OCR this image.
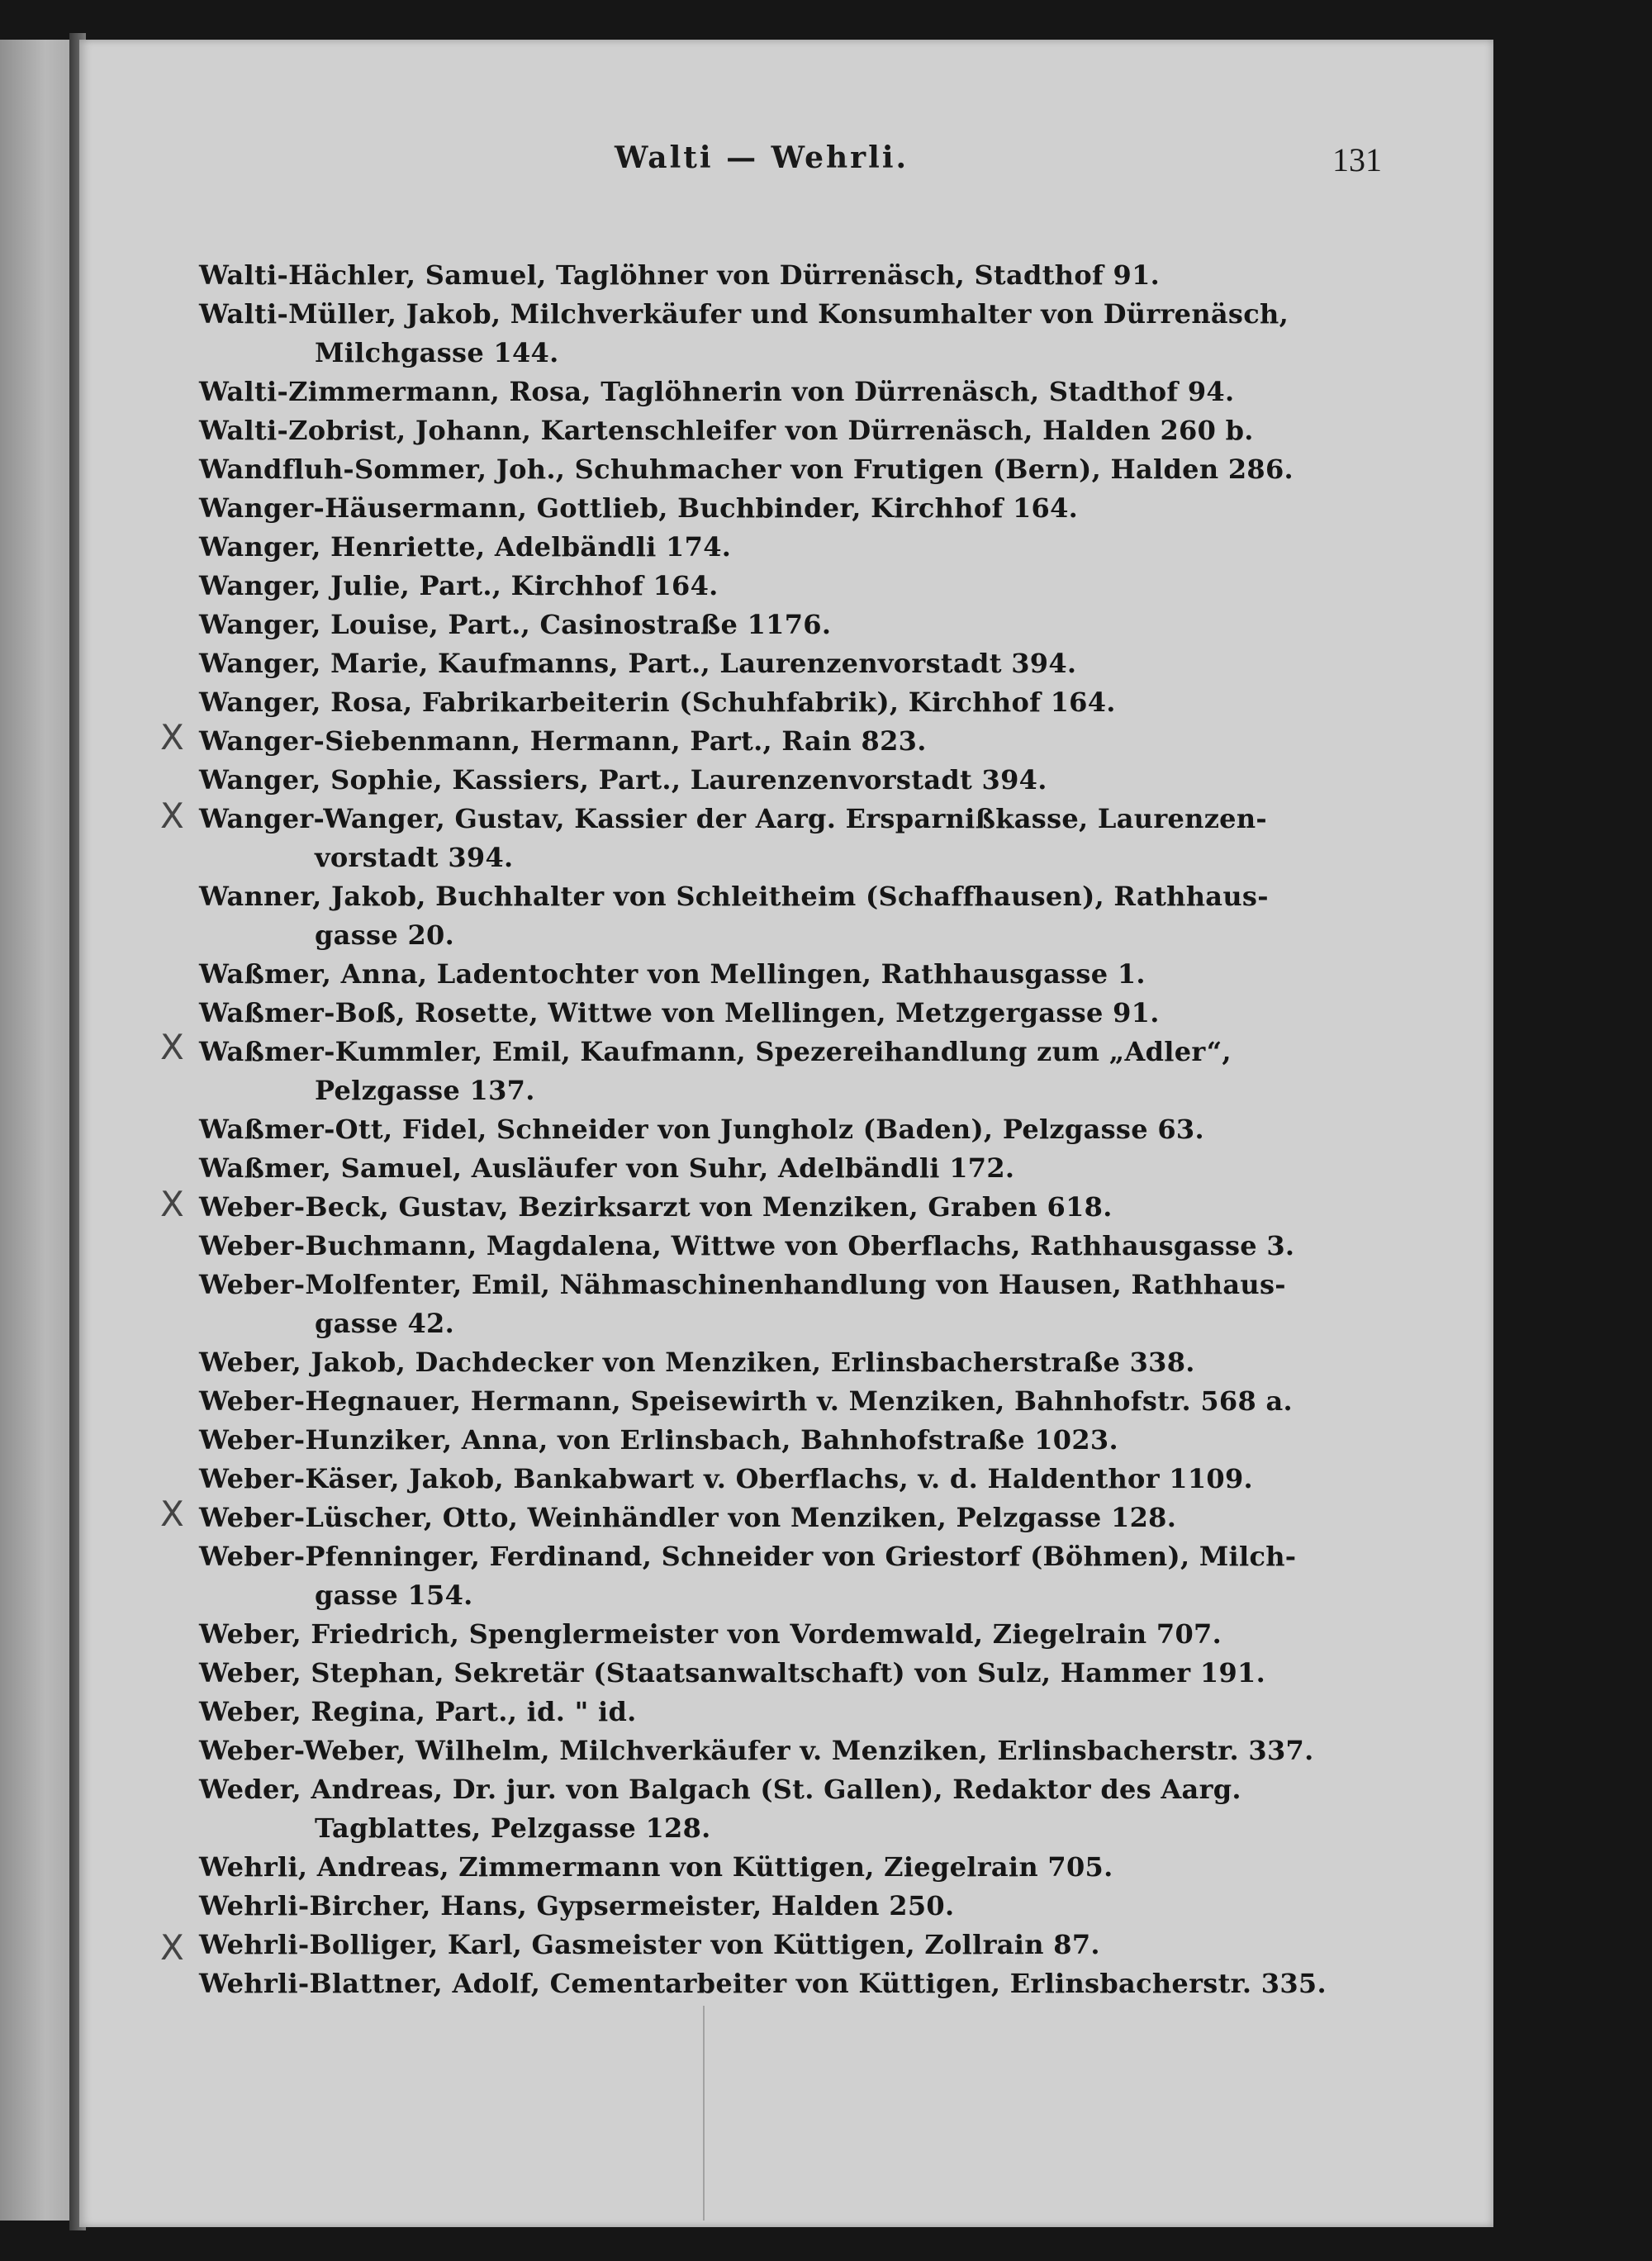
Walti — Wehrli.	131
X
X
X
X
X
X
Walti-Hächler, Samuel, Taglöhner von Dürrenäsch, Stadthof 91.
Walti-Müller, Jakob, Milchverkäufer und Konsumhalter von Dürrenäsch,
Milchgasse 144.
Walti-Zimmermann, Rosa, Taglöhnerin von Dürrenäsch, Stadthof 94.
Walti-Zobrist, Johann, Kartenschleifer von Dürrenäsch, Halden 260 b.
Wandfluh-Sommer, Joh., Schuhmacher von Frutigen (Bern), Halden 286.
Wanger-Häusermann, Gottlieb, Buchbinder, Kirchhof 164.
Wanger, Henriette, Adelbändli 174.
Wanger, Julie, Part., Kirchhof 164.
Wanger, Louise, Part., Casinostraße 1176.
Wanger, Marie, Kaufmanns, Part., Laurenzenvorstadt 394.
Wanger, Rosa, Fabrikarbeiterin (Schuhfabrik), Kirchhof 164.
Wanger-Siebenmann, Hermann, Part., Rain 823.
Wanger, Sophie, Kassiers, Part., Laurenzenvorstadt 394.
Wanger-Wanger, Gustav, Kassier der Aarg. Ersparnißkasse, Laurenzen-
vorstadt 394.
Wanner, Jakob, Buchhalter von Schleitheim (Schaffhausen), Rathhaus-
gasse 20.
Waßmer, Anna, Ladentochter von Mellingen, Rathhausgasse 1.
Waßmer-Boß, Rosette, Wittwe von Mellingen, Metzgergasse 91.
Waßmer-Kummler, Emil, Kaufmann, Spezereihandlung zum „Adler“,
Pelzgasse 137.
Waßmer-Ott, Fidel, Schneider von Jungholz (Baden), Pelzgasse 63.
Waßmer, Samuel, Ausläufer von Suhr, Adelbändli 172.
Weber-Beck, Gustav, Bezirksarzt von Menziken, Graben 618.
Weber-Buchmann, Magdalena, Wittwe von Oberflachs, Rathhausgasse 3.
Weber-Molfenter, Emil, Nähmaschinenhandlung von Hausen, Rathhaus-
gasse 42.
Weber, Jakob, Dachdecker von Menziken, Erlinsbacherstraße 338.
Weber-Hegnauer, Hermann, Speisewirth v. Menziken, Bahnhofstr. 568 a.
Weber-Hunziker, Anna, von Erlinsbach, Bahnhofstraße 1023.
Weber-Käser, Jakob, Bankabwart v. Oberflachs, v. d. Haldenthor 1109.
Weber-Lüscher, Otto, Weinhändler von Menziken, Pelzgasse 128.
Weber-Pfenninger, Ferdinand, Schneider von Griestorf (Böhmen), Milch-
gasse 154.
Weber, Friedrich, Spenglermeister von Vordemwald, Ziegelrain 707.
Weber, Stephan, Sekretär (Staatsanwaltschaft) von Sulz, Hammer 191.
Weber, Regina, Part., id. " id.
Weber-Weber, Wilhelm, Milchverkäufer v. Menziken, Erlinsbacherstr. 337.
Weder, Andreas, Dr. jur. von Balgach (St. Gallen), Redaktor des Aarg.
Tagblattes, Pelzgasse 128.
Wehrli, Andreas, Zimmermann von Küttigen, Ziegelrain 705.
Wehrli-Bircher, Hans, Gypsermeister, Halden 250.
Wehrli-Bolliger, Karl, Gasmeister von Küttigen, Zollrain 87.
Wehrli-Blattner, Adolf, Cementarbeiter von Küttigen, Erlinsbacherstr. 335.
